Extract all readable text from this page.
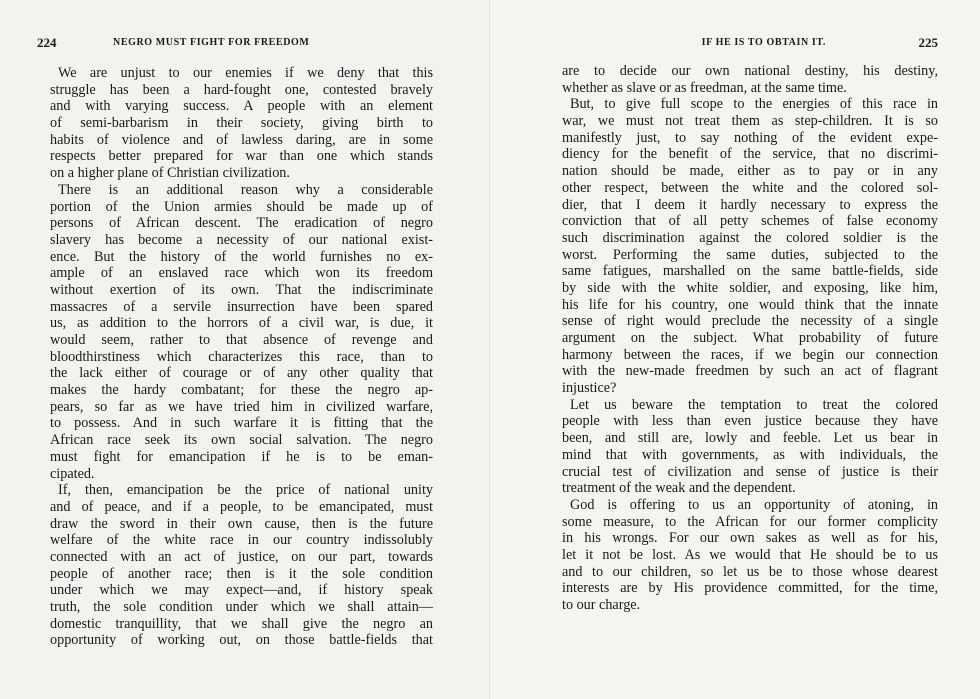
224	NEGRO MUST FIGHT FOR FREEDOM
We are unjust to our enemies if we deny that this
struggle has been a hard-fought one, contested bravely
and with varying success. A people with an element
of semi-barbarism in their society, giving birth to
habits of violence and of lawless daring, are in some
respects better prepared for war than one which stands
on a higher plane of Christian civilization.
There is an additional reason why a considerable
portion of the Union armies should be made up of
persons of African descent. The eradication of negro
slavery has become a necessity of our national exist-
ence. But the history of the world furnishes no ex-
ample of an enslaved race which won its freedom
without exertion of its own. That the indiscriminate
massacres of a servile insurrection have been spared
us, as addition to the horrors of a civil war, is due, it
would seem, rather to that absence of revenge and
bloodthirstiness which characterizes this race, than to
the lack either of courage or of any other quality that
makes the hardy combatant; for these the negro ap-
pears, so far as we have tried him in civilized warfare,
to possess. And in such warfare it is fitting that the
African race seek its own social salvation. The negro
must fight for emancipation if he is to be eman-
cipated.
If, then, emancipation be the price of national unity
and of peace, and if a people, to be emancipated, must
draw the sword in their own cause, then is the future
welfare of the white race in our country indissolubly
connected with an act of justice, on our part, towards
people of another race; then is it the sole condition
under which we may expect—and, if history speak
truth, the sole condition under which we shall attain—
domestic tranquillity, that we shall give the negro an
opportunity of working out, on those battle-fields that
IF HE IS TO OBTAIN IT.	225
are to decide our own national destiny, his destiny,
whether as slave or as freedman, at the same time.
But, to give full scope to the energies of this race in
war, we must not treat them as step-children. It is so
manifestly just, to say nothing of the evident expe-
diency for the benefit of the service, that no discrimi-
nation should be made, either as to pay or in any
other respect, between the white and the colored sol-
dier, that I deem it hardly necessary to express the
conviction that of all petty schemes of false economy
such discrimination against the colored soldier is the
worst. Performing the same duties, subjected to the
same fatigues, marshalled on the same battle-fields, side
by side with the white soldier, and exposing, like him,
his life for his country, one would think that the innate
sense of right would preclude the necessity of a single
argument on the subject. What probability of future
harmony between the races, if we begin our connection
with the new-made freedmen by such an act of flagrant
injustice?
Let us beware the temptation to treat the colored
people with less than even justice because they have
been, and still are, lowly and feeble. Let us bear in
mind that with governments, as with individuals, the
crucial test of civilization and sense of justice is their
treatment of the weak and the dependent.
God is offering to us an opportunity of atoning, in
some measure, to the African for our former complicity
in his wrongs. For our own sakes as well as for his,
let it not be lost. As we would that He should be to us
and to our children, so let us be to those whose dearest
interests are by His providence committed, for the time,
to our charge.
